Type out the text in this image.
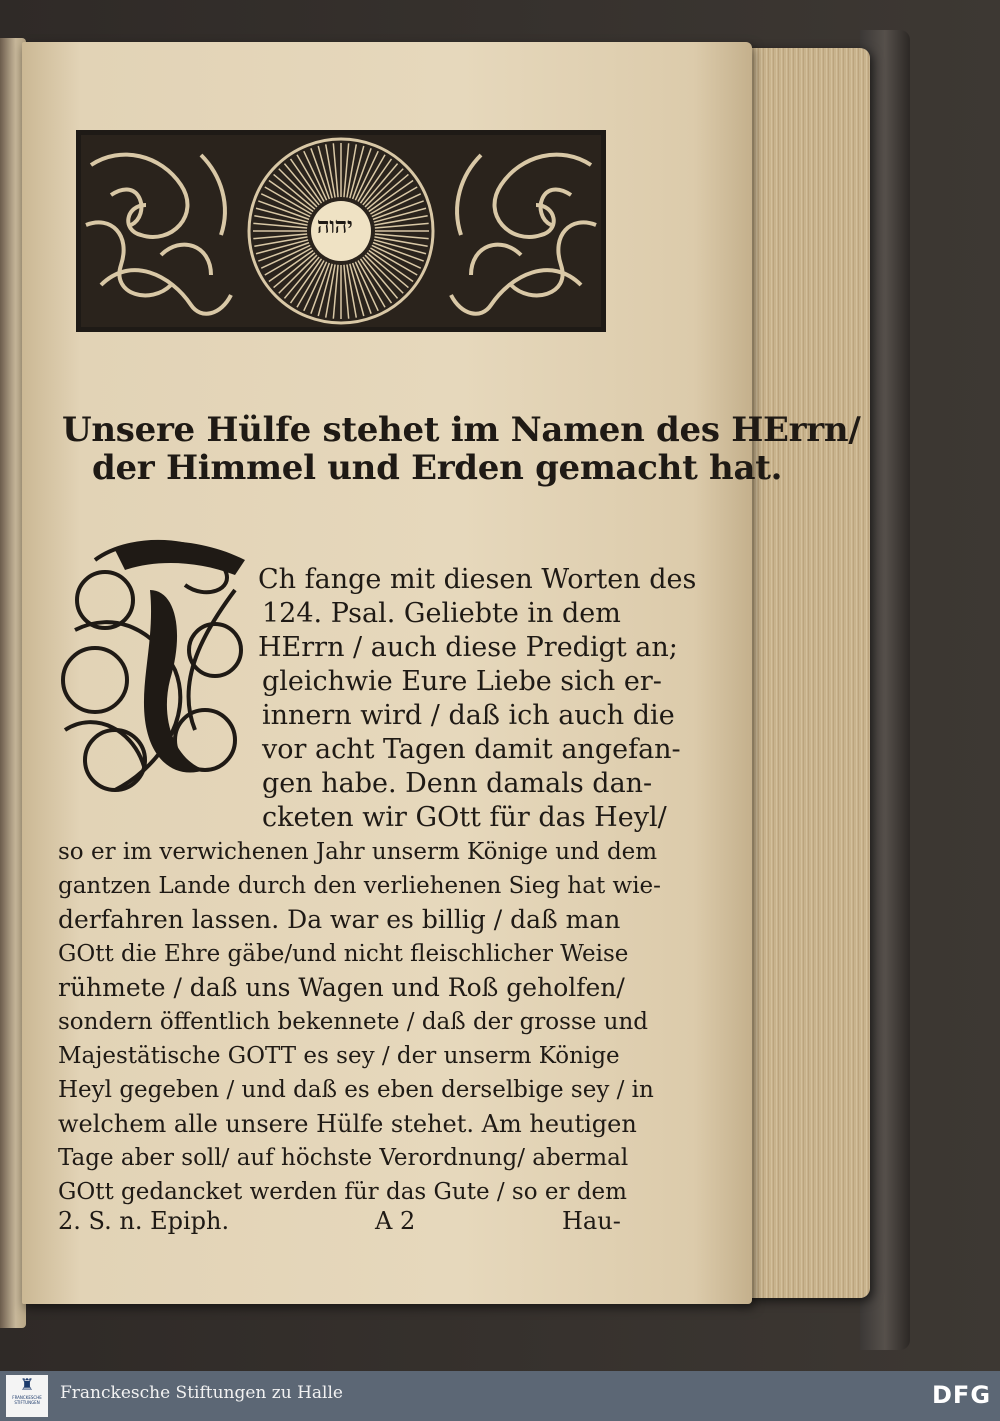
יהוה
Unsere Hülfe stehet im Namen des HErrn/
der Himmel und Erden gemacht hat.
Ch fange mit diesen Worten des
124. Psal. Geliebte in dem
HErrn / auch diese Predigt an;
gleichwie Eure Liebe sich er-
innern wird / daß ich auch die
vor acht Tagen damit angefan-
gen habe. Denn damals dan-
cketen wir GOtt für das Heyl/
so er im verwichenen Jahr unserm Könige und dem
gantzen Lande durch den verliehenen Sieg hat wie-
derfahren lassen. Da war es billig / daß man
GOtt die Ehre gäbe/und nicht fleischlicher Weise
rühmete / daß uns Wagen und Roß geholfen/
sondern öffentlich bekennete / daß der grosse und
Majestätische GOTT es sey / der unserm Könige
Heyl gegeben / und daß es eben derselbige sey / in
welchem alle unsere Hülfe stehet. Am heutigen
Tage aber soll/ auf höchste Verordnung/ abermal
GOtt gedancket werden für das Gute / so er dem
2. S. n. Epiph.	A 2	Hau-
♜
FRANCKESCHE STIFTUNGEN	Franckesche Stiftungen zu Halle	DFG
